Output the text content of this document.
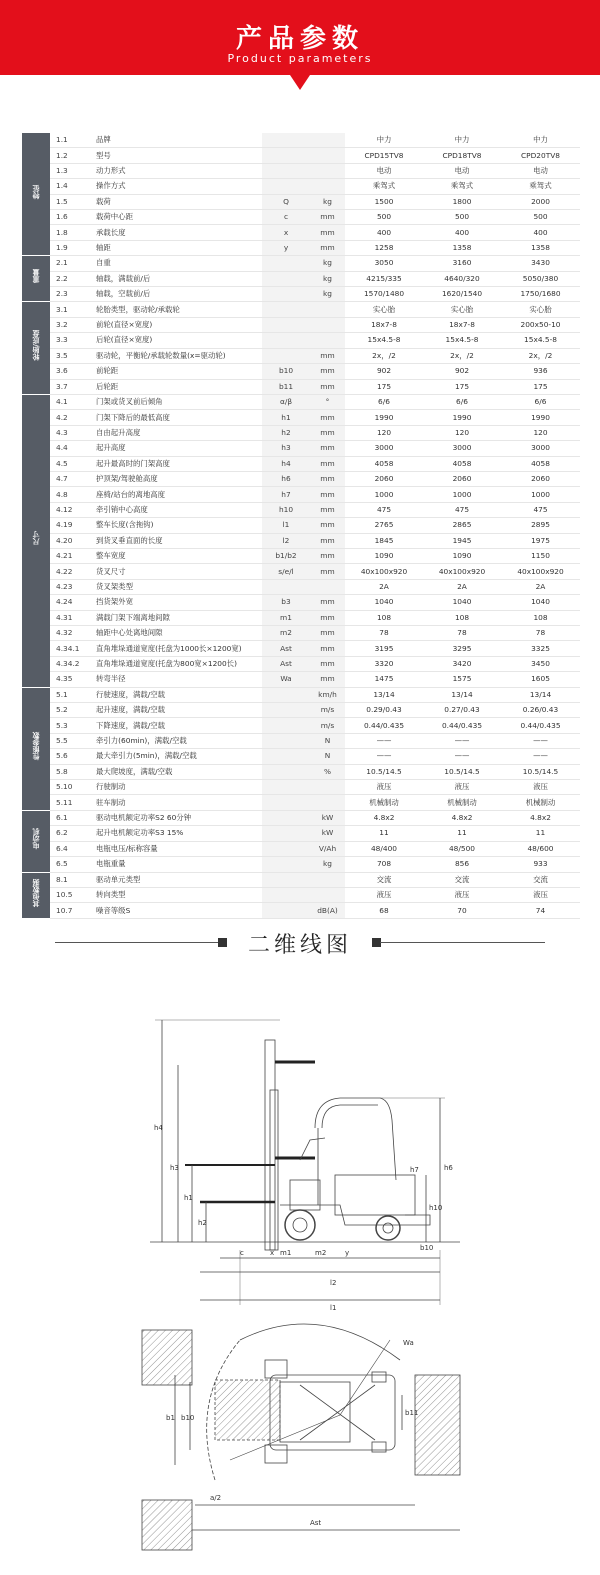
产品参数
Product parameters
特征	1.1	品牌			中力	中力	中力
	1.2	型号			CPD15TV8	CPD18TV8	CPD20TV8
	1.3	动力形式			电动	电动	电动
	1.4	操作方式			乘驾式	乘驾式	乘驾式
	1.5	载荷	Q	kg	1500	1800	2000
	1.6	载荷中心距	c	mm	500	500	500
	1.8	承载长度	x	mm	400	400	400
	1.9	轴距	y	mm	1258	1358	1358
重量	2.1	自重		kg	3050	3160	3430
	2.2	轴载，满载前/后		kg	4215/335	4640/320	5050/380
	2.3	轴载，空载前/后		kg	1570/1480	1620/1540	1750/1680
轮胎/底盘	3.1	轮胎类型，驱动轮/承载轮			实心胎	实心胎	实心胎
	3.2	前轮(直径×宽度)			18x7-8	18x7-8	200x50-10
	3.3	后轮(直径×宽度)			15x4.5-8	15x4.5-8	15x4.5-8
	3.5	驱动轮，平衡轮/承载轮数量(x=驱动轮)		mm	2x，/2	2x，/2	2x，/2
	3.6	前轮距	b10	mm	902	902	936
	3.7	后轮距	b11	mm	175	175	175
尺寸	4.1	门架或货叉前后倾角	α/β	°	6/6	6/6	6/6
	4.2	门架下降后的最低高度	h1	mm	1990	1990	1990
	4.3	自由起升高度	h2	mm	120	120	120
	4.4	起升高度	h3	mm	3000	3000	3000
	4.5	起升最高时的门架高度	h4	mm	4058	4058	4058
	4.7	护顶架/驾驶舱高度	h6	mm	2060	2060	2060
	4.8	座椅/站台的离地高度	h7	mm	1000	1000	1000
	4.12	牵引销中心高度	h10	mm	475	475	475
	4.19	整车长度(含拖钩)	l1	mm	2765	2865	2895
	4.20	到货叉垂直面的长度	l2	mm	1845	1945	1975
	4.21	整车宽度	b1/b2	mm	1090	1090	1150
	4.22	货叉尺寸	s/e/l	mm	40x100x920	40x100x920	40x100x920
	4.23	货叉架类型			2A	2A	2A
	4.24	挡货架外宽	b3	mm	1040	1040	1040
	4.31	满载门架下端离地间隙	m1	mm	108	108	108
	4.32	轴距中心处离地间隙	m2	mm	78	78	78
	4.34.1	直角堆垛通道宽度(托盘为1000长×1200宽)	Ast	mm	3195	3295	3325
	4.34.2	直角堆垛通道宽度(托盘为800宽×1200长)	Ast	mm	3320	3420	3450
	4.35	转弯半径	Wa	mm	1475	1575	1605
性能参数	5.1	行驶速度，满载/空载		km/h	13/14	13/14	13/14
	5.2	起升速度，满载/空载		m/s	0.29/0.43	0.27/0.43	0.26/0.43
	5.3	下降速度，满载/空载		m/s	0.44/0.435	0.44/0.435	0.44/0.435
	5.5	牵引力(60min)，满载/空载		N	——	——	——
	5.6	最大牵引力(5min)，满载/空载		N	——	——	——
	5.8	最大爬坡度，满载/空载		%	10.5/14.5	10.5/14.5	10.5/14.5
	5.10	行驶制动			液压	液压	液压
	5.11	驻车制动			机械制动	机械制动	机械制动
电动机	6.1	驱动电机额定功率S2 60分钟		kW	4.8x2	4.8x2	4.8x2
	6.2	起升电机额定功率S3 15%		kW	11	11	11
	6.4	电瓶电压/标称容量		V/Ah	48/400	48/500	48/600
	6.5	电瓶重量		kg	708	856	933
其他数据	8.1	驱动单元类型			交流	交流	交流
	10.5	转向类型			液压	液压	液压
	10.7	噪音等级S		dB(A)	68	70	74
二维线图
h4
h3
h1
h2
h6
h10
l2
l1
x	y
c	m1	m2
b10
h7
b1 b10
b11
Wa
Ast
a/2
